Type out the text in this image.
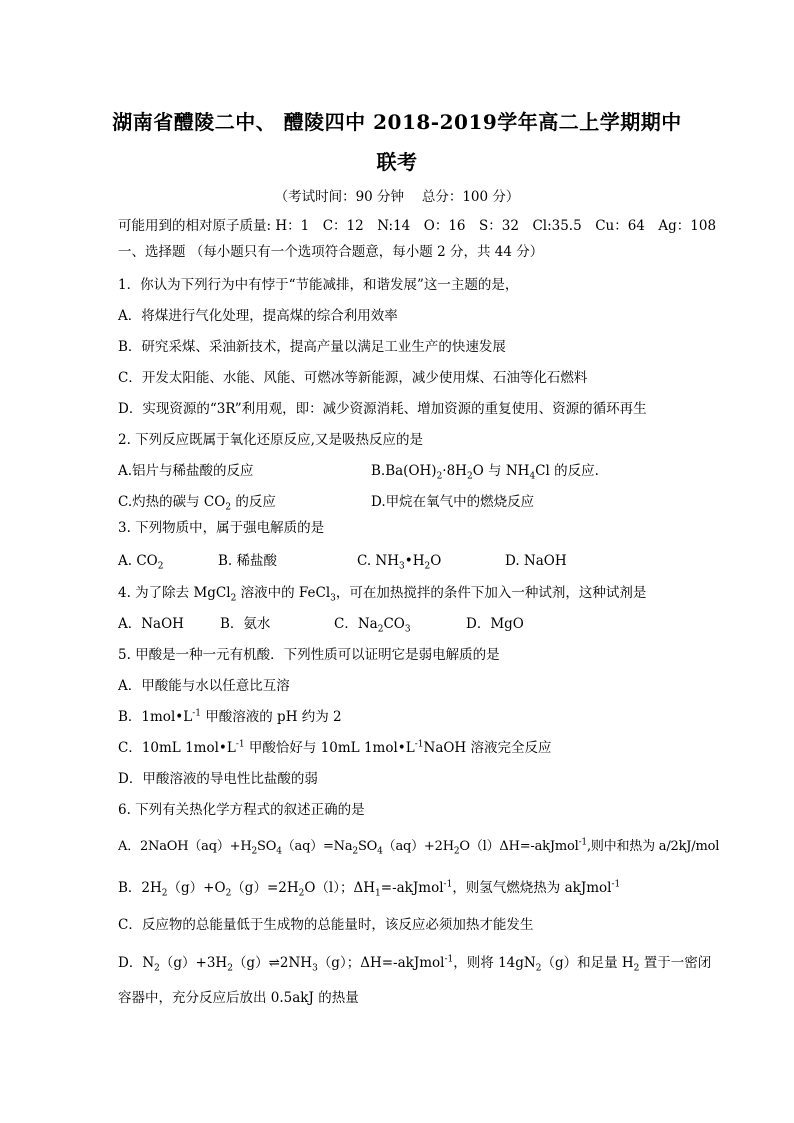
湖南省醴陵二中、 醴陵四中 2018-2019学年高二上学期期中
联考
（考试时间：90 分钟　 总分：100 分）
可能用到的相对原子质量: H：1　C：12　N:14　O：16　S：32　Cl:35.5　Cu：64　Ag：108
一、选择题 （每小题只有一个选项符合题意，每小题 2 分，共 44 分）
1．你认为下列行为中有悖于“节能减排，和谐发展”这一主题的是，
A．将煤进行气化处理，提高煤的综合利用效率
B．研究采煤、采油新技术，提高产量以满足工业生产的快速发展
C．开发太阳能、水能、风能、可燃冰等新能源，减少使用煤、石油等化石燃料
D．实现资源的“3R”利用观，即：减少资源消耗、增加资源的重复使用、资源的循环再生
2. 下列反应既属于氧化还原反应,又是吸热反应的是
A.铝片与稀盐酸的反应	$B.Ba(OH)_2\cdot 8H_2O$ 与 $NH_4Cl$ 的反应.
C.灼热的碳与 $CO_2$ 的反应	D.甲烷在氧气中的燃烧反应
3. 下列物质中，属于强电解质的是
A. $CO_2$	B. 稀盐酸	C. $NH_3•H_2O$	D. NaOH
4. 为了除去 MgCl$_2$ 溶液中的 FeCl$_3$，可在加热搅拌的条件下加入一种试剂，这种试剂是
A．NaOH	B．氨水	C．$Na_2CO_3$	D．MgO
5. 甲酸是一种一元有机酸．下列性质可以证明它是弱电解质的是
A．甲酸能与水以任意比互溶
B．$1mol•L^{-1}$ 甲酸溶液的 pH 约为 2
C．10mL $1mol•L^{-1}$ 甲酸恰好与 10mL $1mol•L^{-1}NaOH$ 溶液完全反应
D．甲酸溶液的导电性比盐酸的弱
6. 下列有关热化学方程式的叙述正确的是
A．$2NaOH(aq)+H_2SO_4(aq)=Na_2SO_4(aq)+2H_2O(l)\Delta H=-akJmol^{-1}$,则中和热为 a/2kJ/mol
B．$2H_2(g)+O_2(g)=2H_2O(l)$；$\Delta H_1=-akJmol^{-1}$，则氢气燃烧热为 akJmol$^{-1}$
C．反应物的总能量低于生成物的总能量时，该反应必须加热才能发生
D．$N_2(g)+3H_2(g)\rightleftharpoons 2NH_3(g)$；ΔH=-akJmol$^{-1}$，则将 $14gN_2(g)$和足量 $H_2$ 置于一密闭
容器中，充分反应后放出 0.5akJ 的热量
